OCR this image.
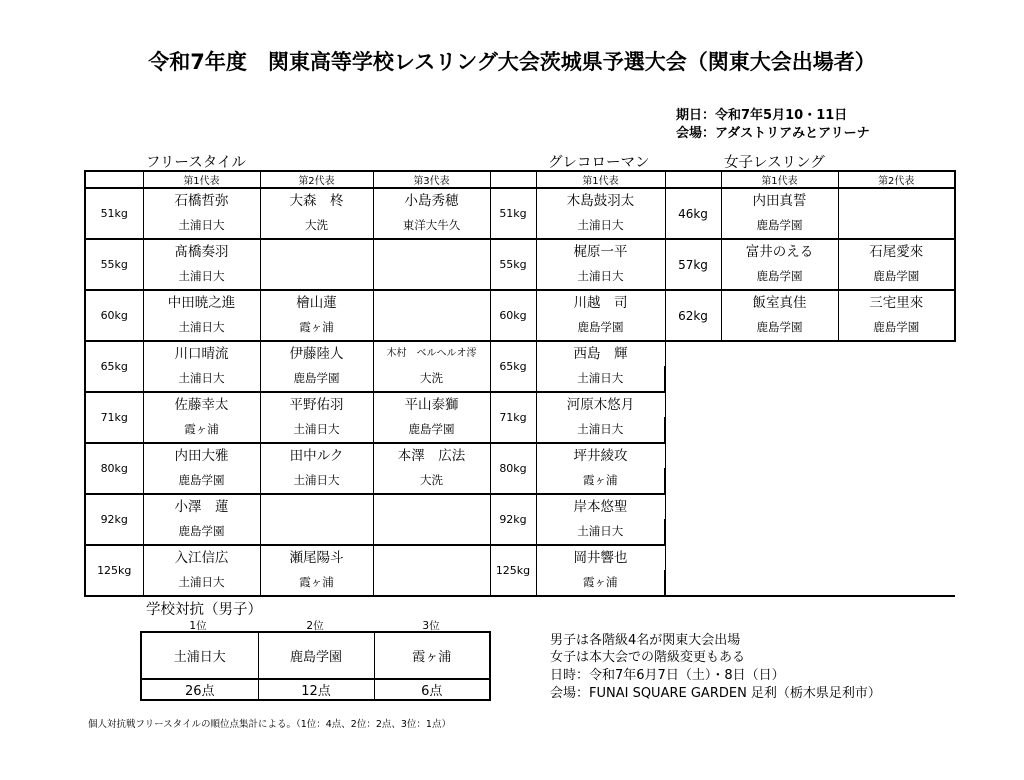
令和7年度　関東高等学校レスリング大会茨城県予選大会（関東大会出場者）
期日：令和7年5月10・11日
会場：アダストリアみとアリーナ
フリースタイル	グレコローマン	女子レスリング
	第1代表	第2代表	第3代表		第1代表		第1代表	第2代表
51kg	石橋哲弥	大森　柊	小島秀穂	51kg	木島鼓羽太	46kg	内田真誓	
	土浦日大	大洗	東洋大牛久		土浦日大		鹿島学園	
55kg	髙橋奏羽			55kg	梶原一平	57kg	富井のえる	石尾愛來
	土浦日大				土浦日大		鹿島学園	鹿島学園
60kg	中田暁之進	檜山蓮		60kg	川越　司	62kg	飯室真佳	三宅里來
	土浦日大	霞ヶ浦			鹿島学園		鹿島学園	鹿島学園
65kg	川口晴流	伊藤陸人	木村　ベルヘルオ澪	65kg	西島　輝			
	土浦日大	鹿島学園	大洗		土浦日大			
71kg	佐藤幸太	平野佑羽	平山泰獅	71kg	河原木悠月			
	霞ヶ浦	土浦日大	鹿島学園		土浦日大			
80kg	内田大雅	田中ルク	本澤　広法	80kg	坪井綾攻			
	鹿島学園	土浦日大	大洗		霞ヶ浦			
92kg	小澤　蓮			92kg	岸本悠聖			
	鹿島学園				土浦日大			
125kg	入江信広	瀬尾陽斗		125kg	岡井響也			
	土浦日大	霞ヶ浦			霞ヶ浦			
学校対抗（男子）
1位	2位	3位
土浦日大	鹿島学園	霞ヶ浦
26点	12点	6点
男子は各階級4名が関東大会出場
女子は本大会での階級変更もある
日時：令和7年6月7日（土）・8日（日）
会場：FUNAI SQUARE GARDEN 足利（栃木県足利市）
個人対抗戦フリースタイルの順位点集計による。（1位：4点、2位：2点、3位：1点）
